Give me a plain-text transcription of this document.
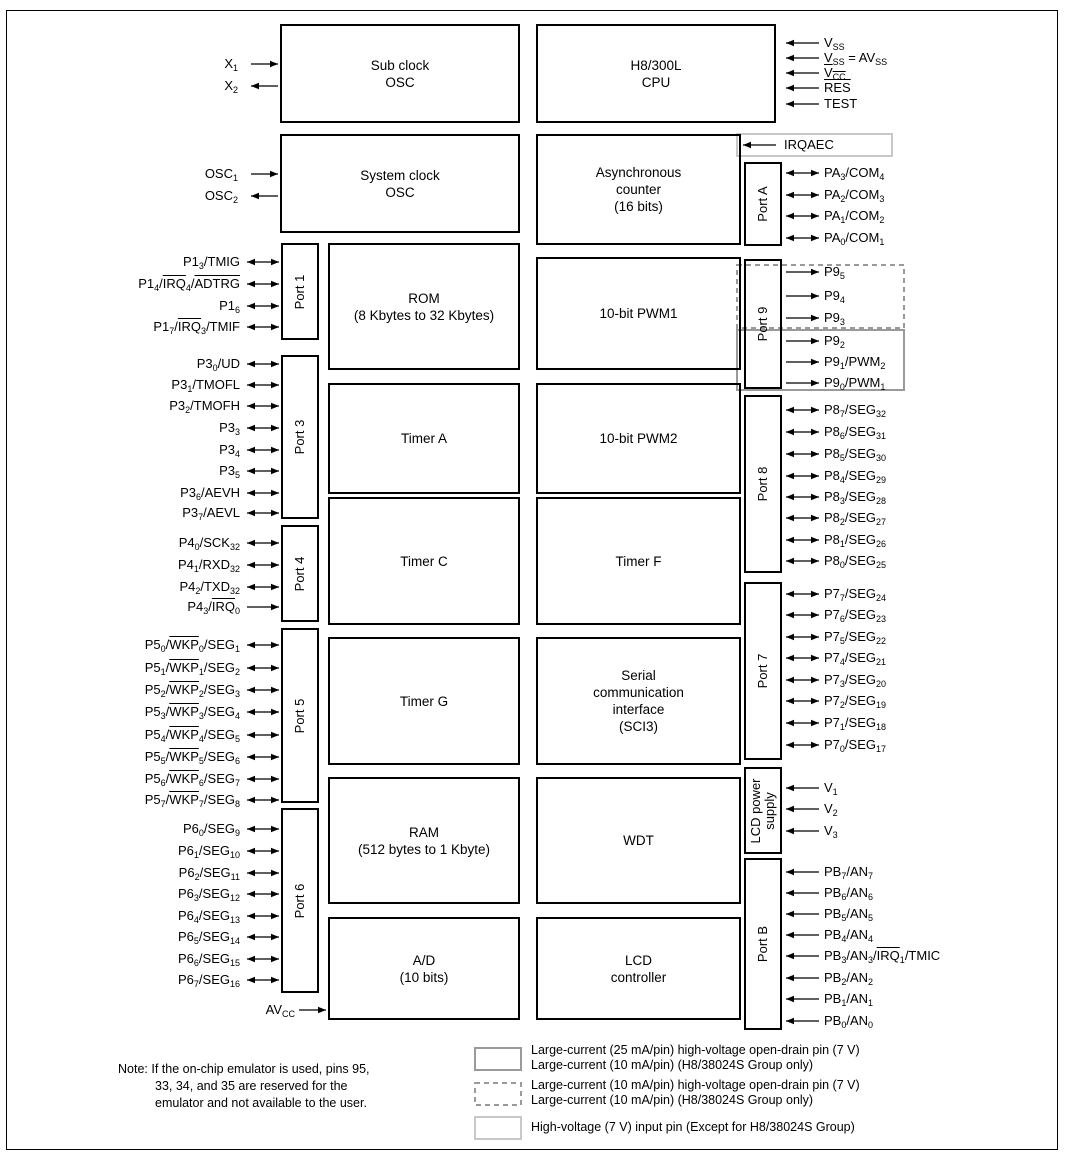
Sub clock
OSC
H8/300L
CPU
System clock
OSC
Asynchronous
counter
(16 bits)
ROM
(8 Kbytes to 32 Kbytes)	10-bit PWM1
Timer A	10-bit PWM2
Timer C	Timer F
Timer G
Serial
communication
interface
(SCI3)
RAM
(512 bytes to 1 Kbyte)
WDT
A/D
(10 bits)
LCD
controller
Port 1
Port 3
Port 4
Port 5
Port 6
Port A
Port 9
Port 8
Port 7
LCD power
supply
Port B
$X_1$
$X_2$
$OSC_1$
$OSC_2$
$P1_3$/TMIG
$P1_4/\overline{IRQ}_4$/ADTRG
$P1_6$
$P1_7/\overline{IRQ}_3$/TMIF
$P3_0/UD$
$P3_1$/TMOFL
$P3_2$/TMOFH
$P3_3$
$P3_4$
$P3_5$
$P3_6$/AEVH
$P3_7$/AEVL
$P4_0/SCK_{32}$
$P4_1/RXD_{32}$
$P4_2/TXD_{32}$
$P4_3/\overline{IRQ}_0$
$P5_0/\overline{WKP}_0/SEG_1$
$P5_1/\overline{WKP}_1/SEG_2$
$P5_2/\overline{WKP}_2/SEG_3$
$P5_3/\overline{WKP}_3/SEG_4$
$P5_4/\overline{WKP}_4/SEG_5$
$P5_5/\overline{WKP}_5/SEG_6$
$P5_6/\overline{WKP}_6/SEG_7$
$P5_7/\overline{WKP}_7/SEG_8$
$P6_0/SEG_9$
$P6_1/SEG_{10}$
$P6_2/SEG_{11}$
$P6_3/SEG_{12}$
$P6_4/SEG_{13}$
$P6_5/SEG_{14}$
$P6_6/SEG_{15}$
$P6_7/SEG_{16}$
$AV_{CC}$
$V_{SS}$
$V_{SS} = AV_{SS}$
$V_{CC}$
$\overline{RES}$
TEST
IRQAEC
$PA_3/COM_4$
$PA_2/COM_3$
$PA_1/COM_2$
$PA_0/COM_1$
$P9_5$
$P9_4$
$P9_3$
$P9_2$
$P9_1/PWM_2$
$P9_0/PWM_1$
$P8_7/SEG_{32}$
$P8_6/SEG_{31}$
$P8_5/SEG_{30}$
$P8_4/SEG_{29}$
$P8_3/SEG_{28}$
$P8_2/SEG_{27}$
$P8_1/SEG_{26}$
$P8_0/SEG_{25}$
$P7_7/SEG_{24}$
$P7_6/SEG_{23}$
$P7_5/SEG_{22}$
$P7_4/SEG_{21}$
$P7_3/SEG_{20}$
$P7_2/SEG_{19}$
$P7_1/SEG_{18}$
$P7_0/SEG_{17}$
$V_1$
$V_2$
$V_3$
$PB_7/AN_7$
$PB_6/AN_6$
$PB_5/AN_5$
$PB_4/AN_4$
$PB_3/AN_3/\overline{IRQ}_1$/TMIC
$PB_2/AN_2$
$PB_1/AN_1$
$PB_0/AN_0$
Note: If the on-chip emulator is used, pins 95,
33, 34, and 35 are reserved for the
emulator and not available to the user.
Large-current (25 mA/pin) high-voltage open-drain pin (7 V)
Large-current (10 mA/pin) (H8/38024S Group only)
Large-current (10 mA/pin) high-voltage open-drain pin (7 V)
Large-current (10 mA/pin) (H8/38024S Group only)
High-voltage (7 V) input pin (Except for H8/38024S Group)
